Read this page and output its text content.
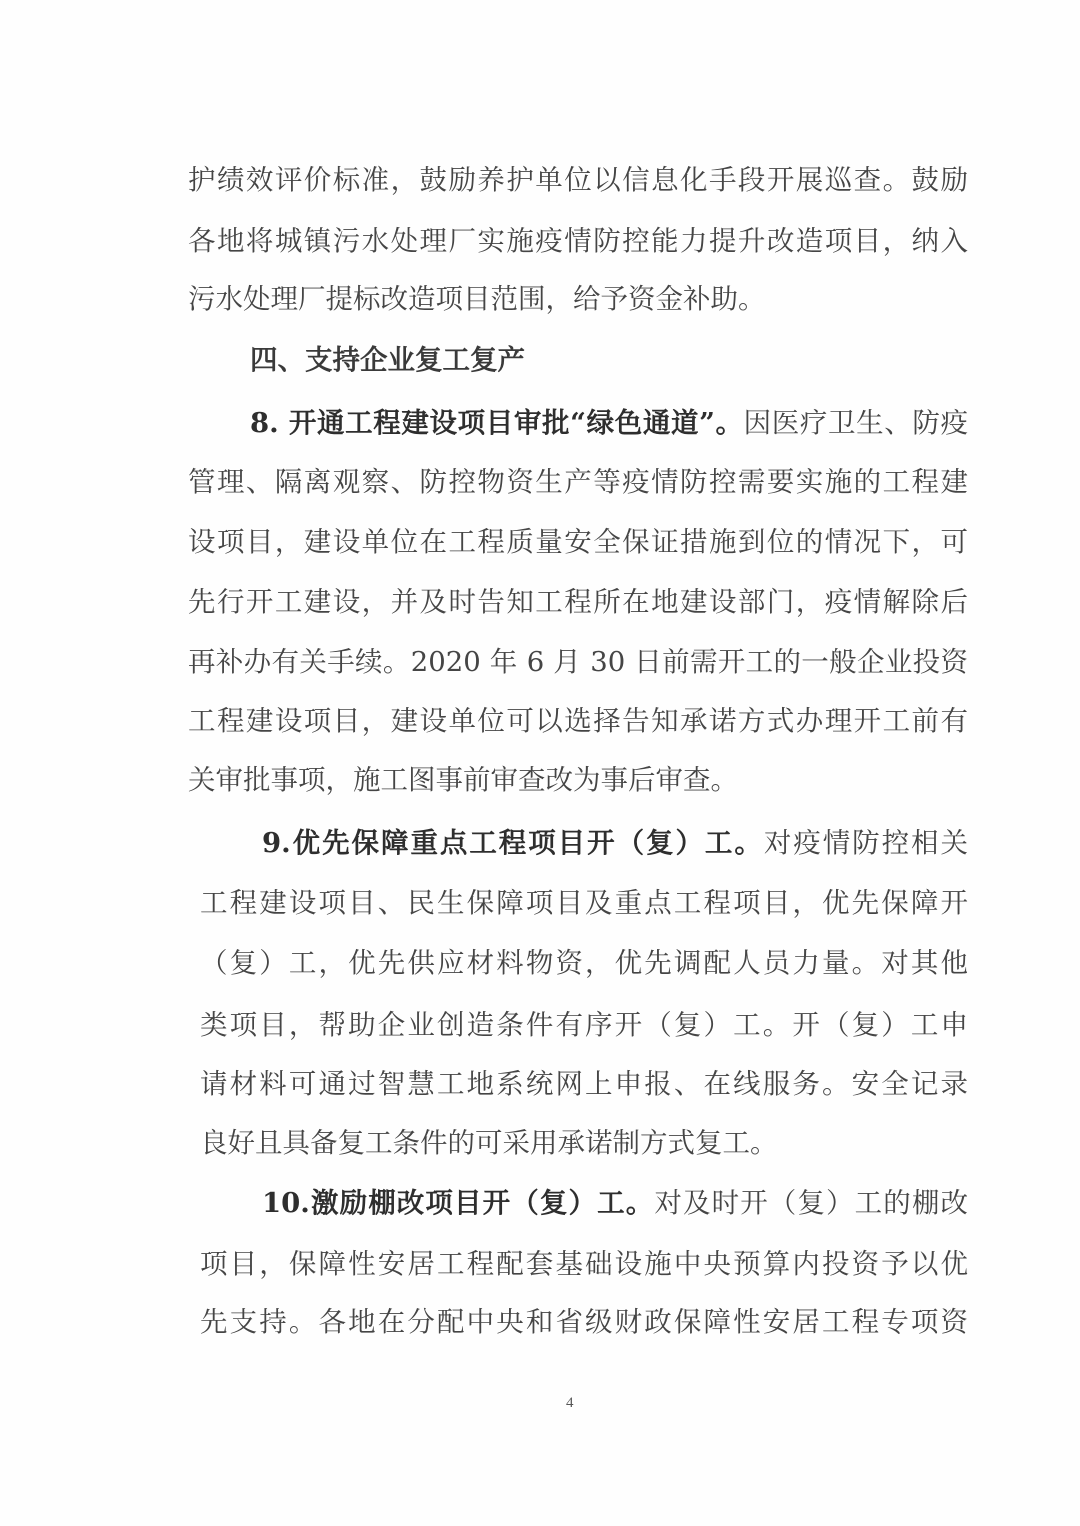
护绩效评价标准，鼓励养护单位以信息化手段开展巡查。鼓励
各地将城镇污水处理厂实施疫情防控能力提升改造项目，纳入
污水处理厂提标改造项目范围，给予资金补助。
四、支持企业复工复产
8. 开通工程建设项目审批“绿色通道”。因医疗卫生、防疫
管理、隔离观察、防控物资生产等疫情防控需要实施的工程建
设项目，建设单位在工程质量安全保证措施到位的情况下，可
先行开工建设，并及时告知工程所在地建设部门，疫情解除后
再补办有关手续。2020 年 6 月 30 日前需开工的一般企业投资
工程建设项目，建设单位可以选择告知承诺方式办理开工前有
关审批事项，施工图事前审查改为事后审查。
9.优先保障重点工程项目开（复）工。对疫情防控相关
工程建设项目、民生保障项目及重点工程项目，优先保障开
（复）工，优先供应材料物资，优先调配人员力量。对其他
类项目，帮助企业创造条件有序开（复）工。开（复）工申
请材料可通过智慧工地系统网上申报、在线服务。安全记录
良好且具备复工条件的可采用承诺制方式复工。
10.激励棚改项目开（复）工。对及时开（复）工的棚改
项目，保障性安居工程配套基础设施中央预算内投资予以优
先支持。各地在分配中央和省级财政保障性安居工程专项资
4
